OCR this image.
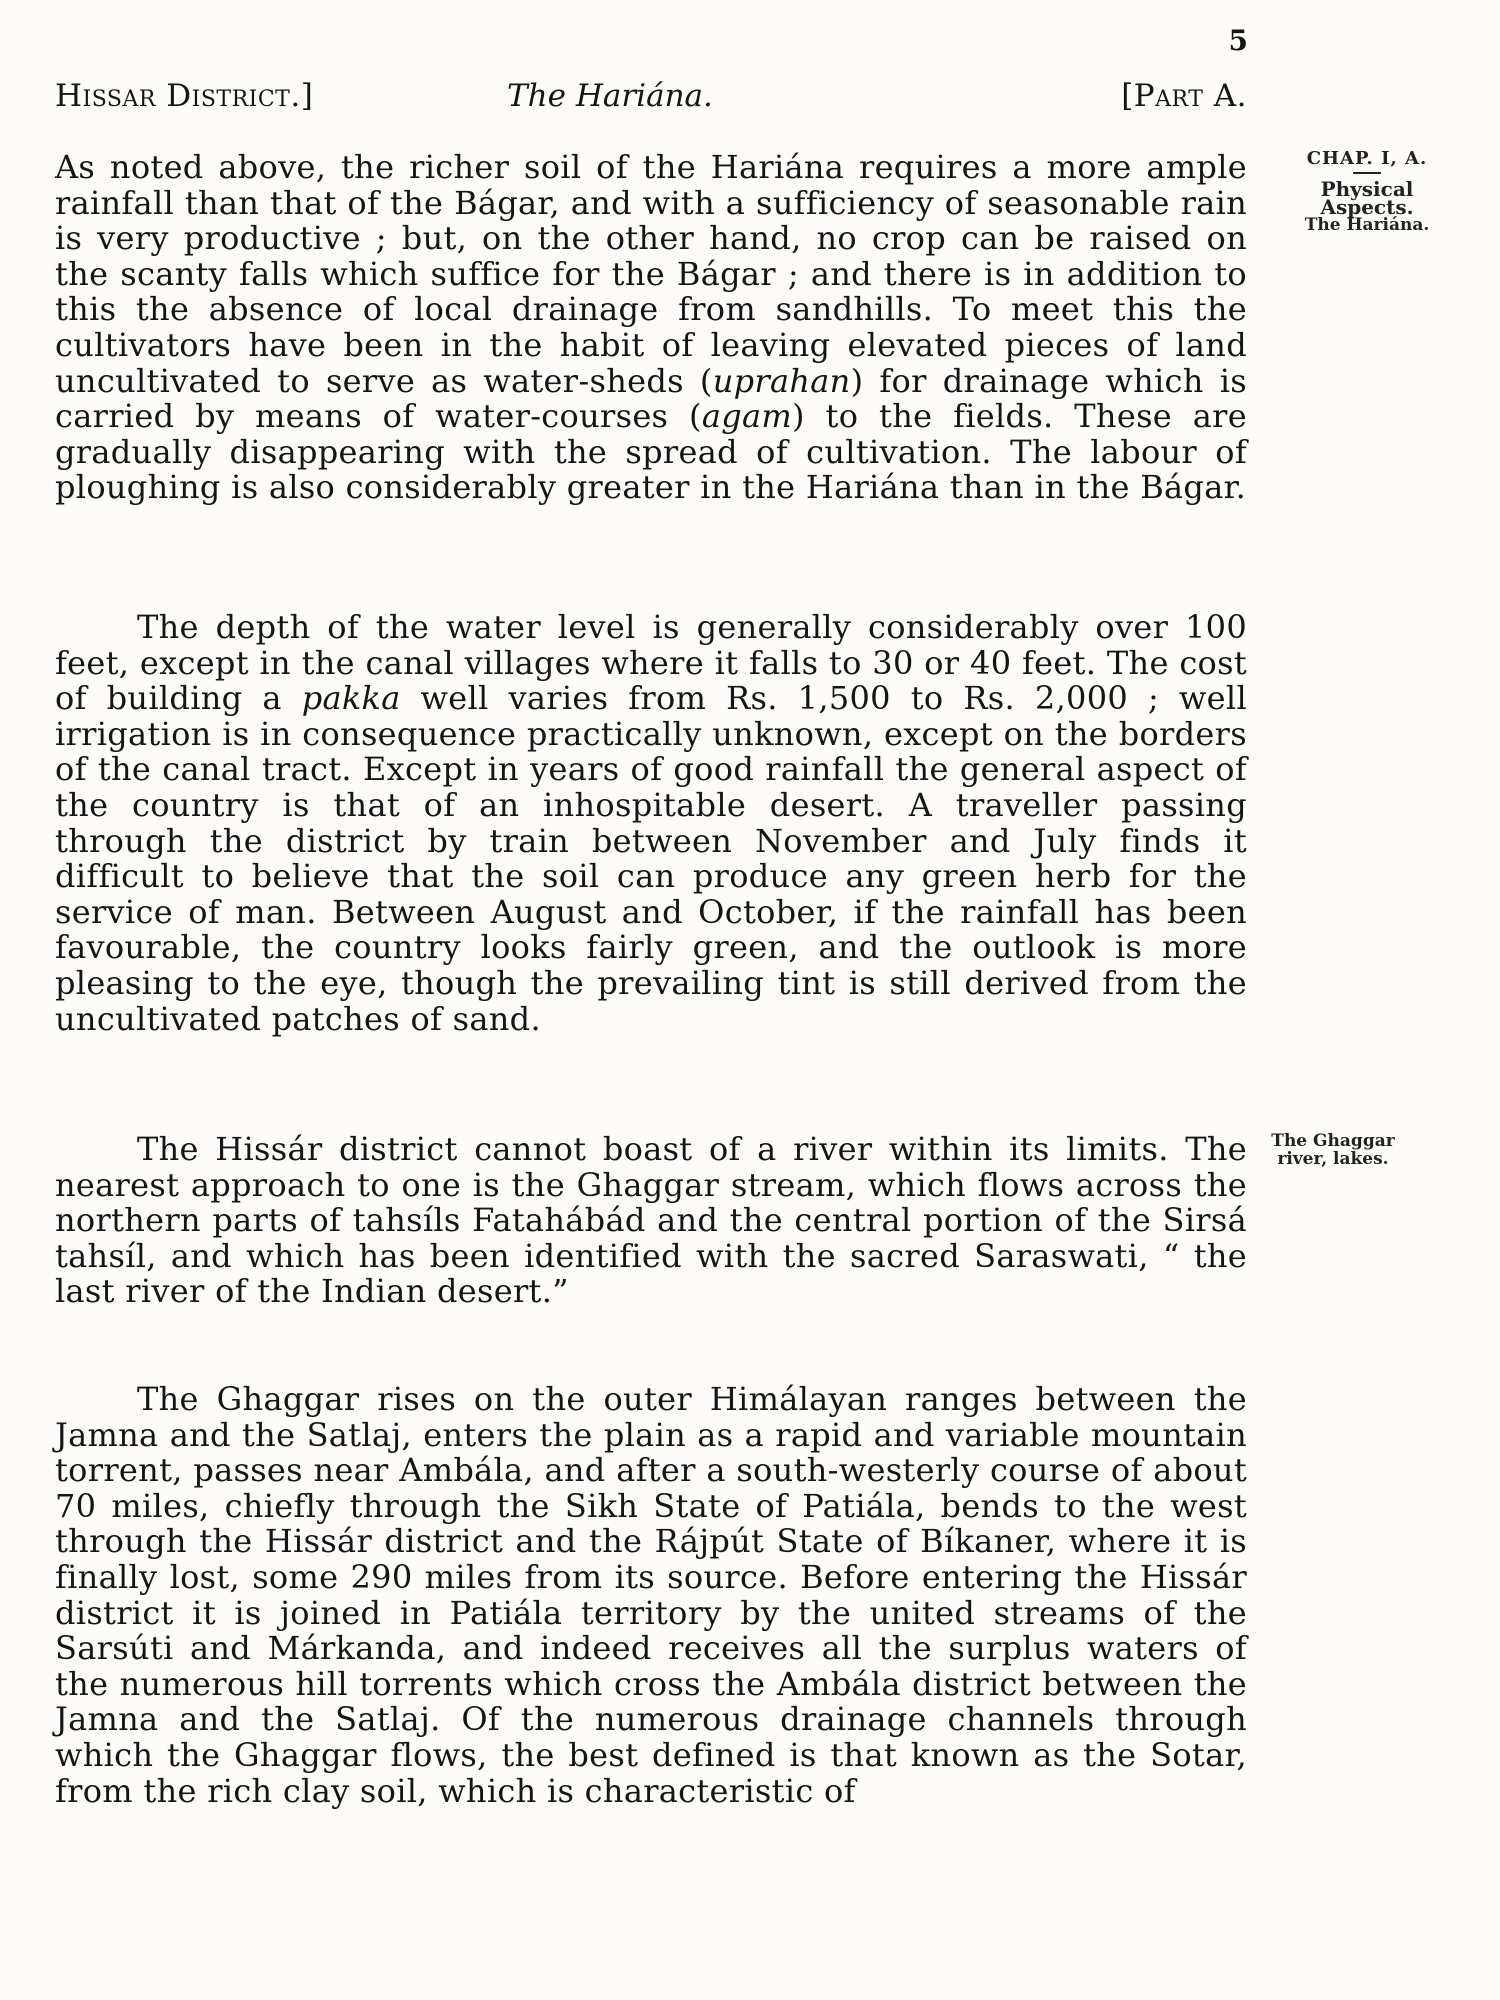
5
Hissar District.]	The Hariána.	[Part A.

As noted above, the richer soil of the Hariána requires a more ample rainfall than that of the Bágar, and with a sufficiency of seasonable rain is very productive ; but, on the other hand, no crop can be raised on the scanty falls which suffice for the Bágar ; and there is in addition to this the absence of local drainage from sandhills. To meet this the cultivators have been in the habit of leaving elevated pieces of land uncultivated to serve as water-sheds (uprahan) for drainage which is carried by means of water-courses (agam) to the fields. These are gradually disappearing with the spread of cultivation. The labour of ploughing is also considerably greater in the Hariána than in the Bágar.

The depth of the water level is generally considerably over 100 feet, except in the canal villages where it falls to 30 or 40 feet. The cost of building a pakka well varies from Rs. 1,500 to Rs. 2,000 ; well irrigation is in consequence practically unknown, except on the borders of the canal tract. Except in years of good rainfall the general aspect of the country is that of an inhospitable desert. A traveller passing through the district by train between November and July finds it difficult to believe that the soil can produce any green herb for the service of man. Between August and October, if the rainfall has been favourable, the country looks fairly green, and the outlook is more pleasing to the eye, though the prevailing tint is still derived from the uncultivated patches of sand.

The Hissár district cannot boast of a river within its limits. The nearest approach to one is the Ghaggar stream, which flows across the northern parts of tahsíls Fatahábád and the central portion of the Sirsá tahsíl, and which has been identified with the sacred Saraswati, “ the last river of the Indian desert.”

The Ghaggar rises on the outer Himálayan ranges between the Jamna and the Satlaj, enters the plain as a rapid and variable mountain torrent, passes near Ambála, and after a south-westerly course of about 70 miles, chiefly through the Sikh State of Patiála, bends to the west through the Hissár district and the Rájpút State of Bíkaner, where it is finally lost, some 290 miles from its source. Before entering the Hissár district it is joined in Patiála territory by the united streams of the Sarsúti and Márkanda, and indeed receives all the surplus waters of the numerous hill torrents which cross the Ambála district between the Jamna and the Satlaj. Of the numerous drainage channels through which the Ghaggar flows, the best defined is that known as the Sotar, from the rich clay soil, which is characteristic of

CHAP. I, A.
Physical Aspects.
The Hariána.
The Ghaggar river, lakes.
